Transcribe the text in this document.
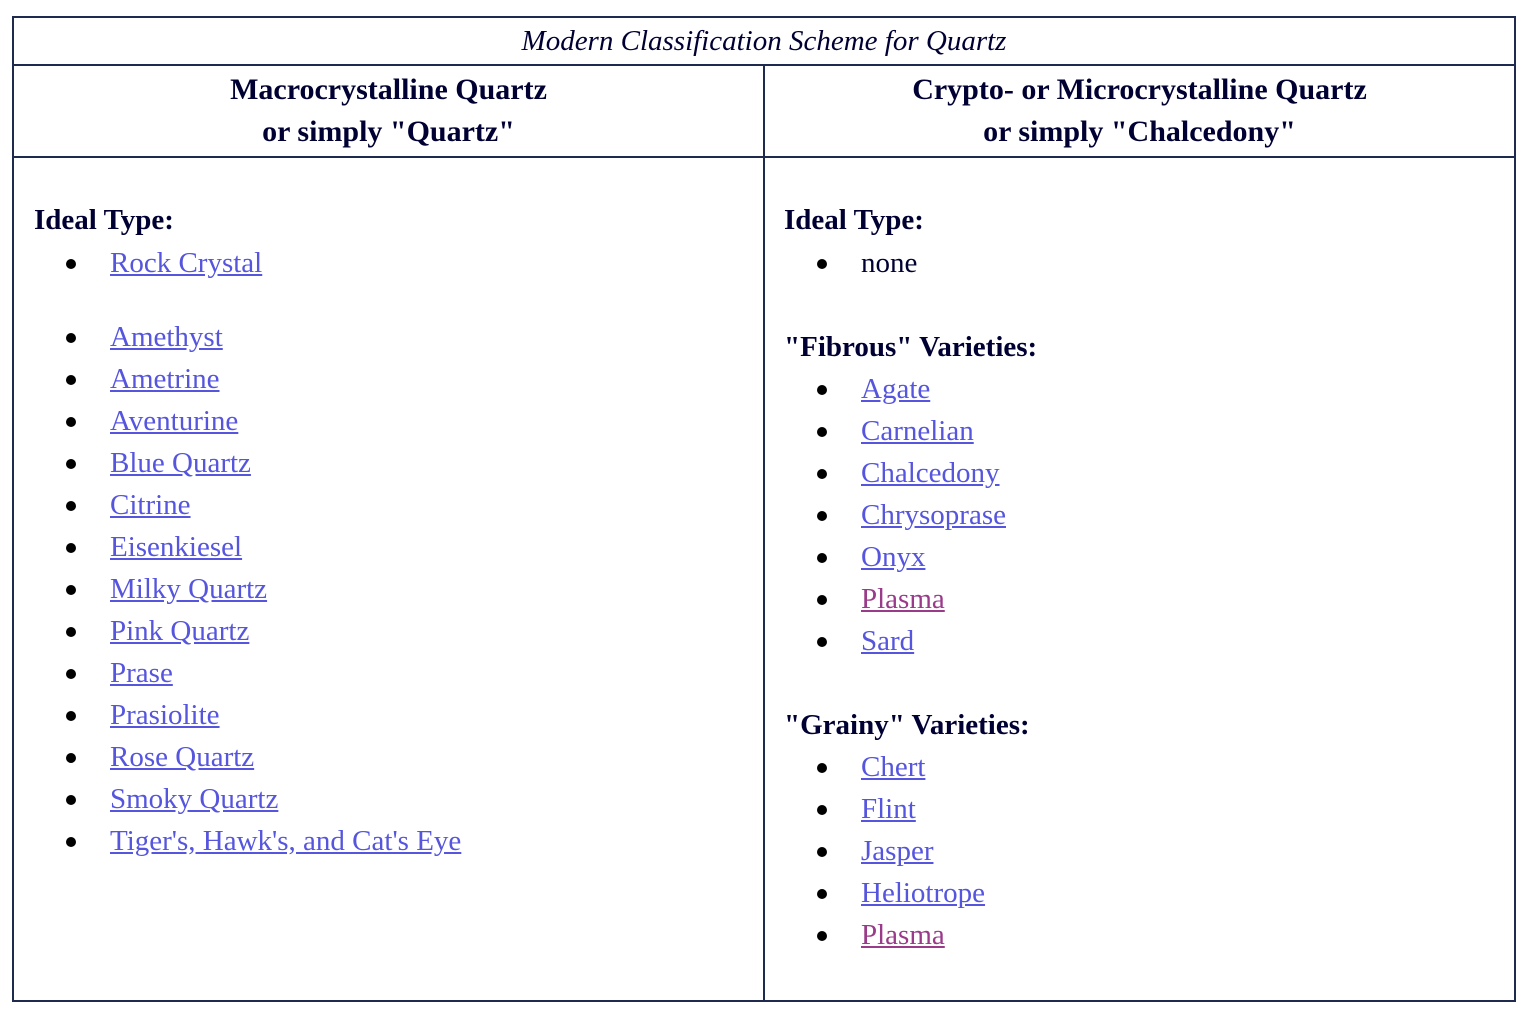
Modern Classification Scheme for Quartz
Macrocrystalline Quartz
or simply "Quartz"
Crypto- or Microcrystalline Quartz
or simply "Chalcedony"
Ideal Type:
Rock Crystal
Amethyst
Ametrine
Aventurine
Blue Quartz
Citrine
Eisenkiesel
Milky Quartz
Pink Quartz
Prase
Prasiolite
Rose Quartz
Smoky Quartz
Tiger's, Hawk's, and Cat's Eye
Ideal Type:
none
"Fibrous" Varieties:
Agate
Carnelian
Chalcedony
Chrysoprase
Onyx
Plasma
Sard
"Grainy" Varieties:
Chert
Flint
Jasper
Heliotrope
Plasma
